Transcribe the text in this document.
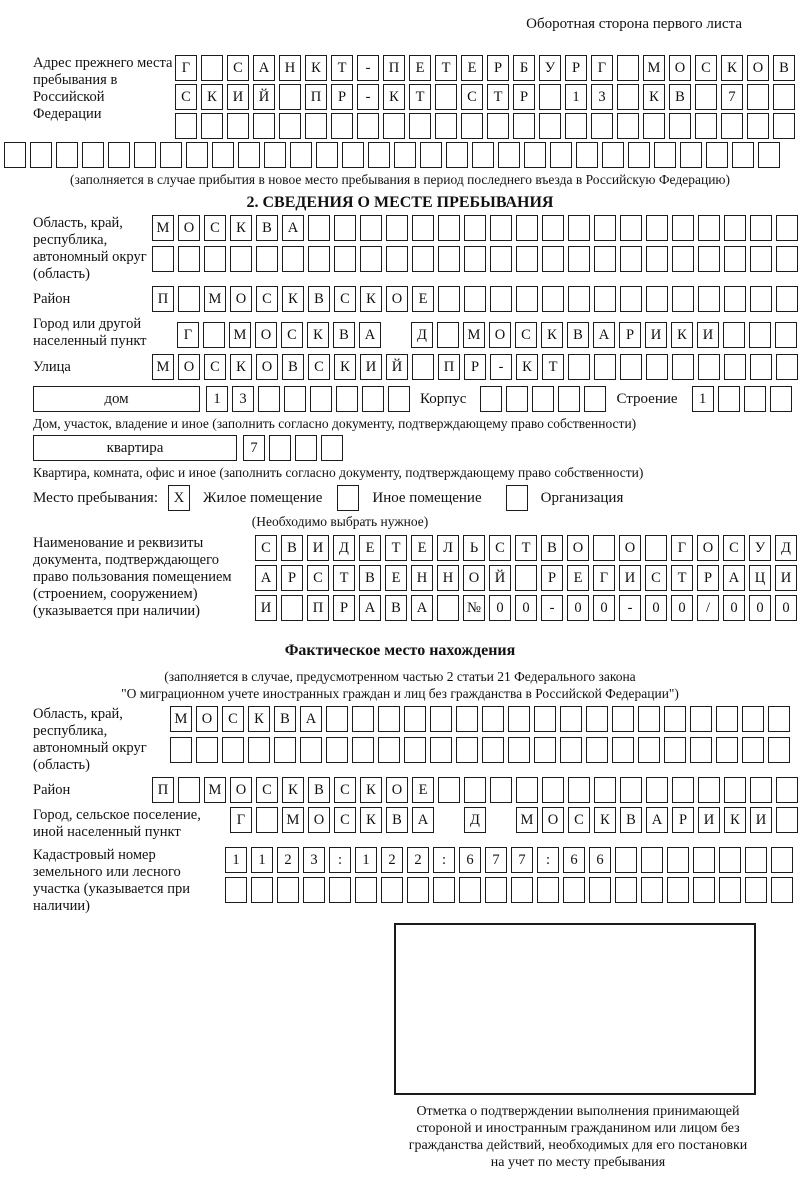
Оборотная сторона первого листа
Адрес прежнего места пребывания в Российской Федерации
Г	С	А	Н	К	Т	-	П	Е	Т	Е	Р	Б	У	Р	Г	М О	С	К	О	В
С	К	И	Й	П	Р	-	К	Т	С	Т	Р	1	3	К	В	7
(заполняется в случае прибытия в новое место пребывания в период последнего въезда в Российскую Федерацию)
2. СВЕДЕНИЯ О МЕСТЕ ПРЕБЫВАНИЯ
Область, край, республика, автономный округ (область)
М О	С	К	В	А
Район	П	М О	С	К	В	С	К	О	Е
Город или другой населенный пункт	Г	М О	С	К	В	А	Д	М О	С	К	В	А	Р	И	К	И
Улица	М О	С	К	О	В	С	К	И	Й	П	Р	-	К	Т
дом	1	3	Корпус	Строение	1
Дом, участок, владение и иное (заполнить согласно документу, подтверждающему право собственности)
квартира	7
Квартира, комната, офис и иное (заполнить согласно документу, подтверждающему право собственности)
Место пребывания:	X	Жилое помещение	Иное помещение	Организация
(Необходимо выбрать нужное)
Наименование и реквизиты документа, подтверждающего право пользования помещением (строением, сооружением) (указывается при наличии)
С	В	И	Д	Е	Т	Е	Л	Ь	С	Т	В	О	О	Г	О	С	У	Д
А	Р	С	Т	В	Е	Н	Н	О	Й	Р	Е	Г	И	С	Т	Р	А	Ц	И
И	П	Р	А	В	А	№	0	0	-	0	0	-	0	0	/	0	0	0
Фактическое место нахождения
(заполняется в случае, предусмотренном частью 2 статьи 21 Федерального закона
"О миграционном учете иностранных граждан и лиц без гражданства в Российской Федерации")
Область, край, республика, автономный округ (область)
М О	С	К	В	А
Район	П	М О	С	К	В	С	К	О	Е
Город, сельское поселение, иной населенный пункт
Г	М О	С	К	В	А	Д	М О	С	К	В	А	Р	И	К	И
Кадастровый номер земельного или лесного участка (указывается при наличии)
1	1	2	3	:	1	2	2	:	6	7	7	:	6	6
Отметка о подтверждении выполнения принимающей
стороной и иностранным гражданином или лицом без
гражданства действий, необходимых для его постановки
на учет по месту пребывания
